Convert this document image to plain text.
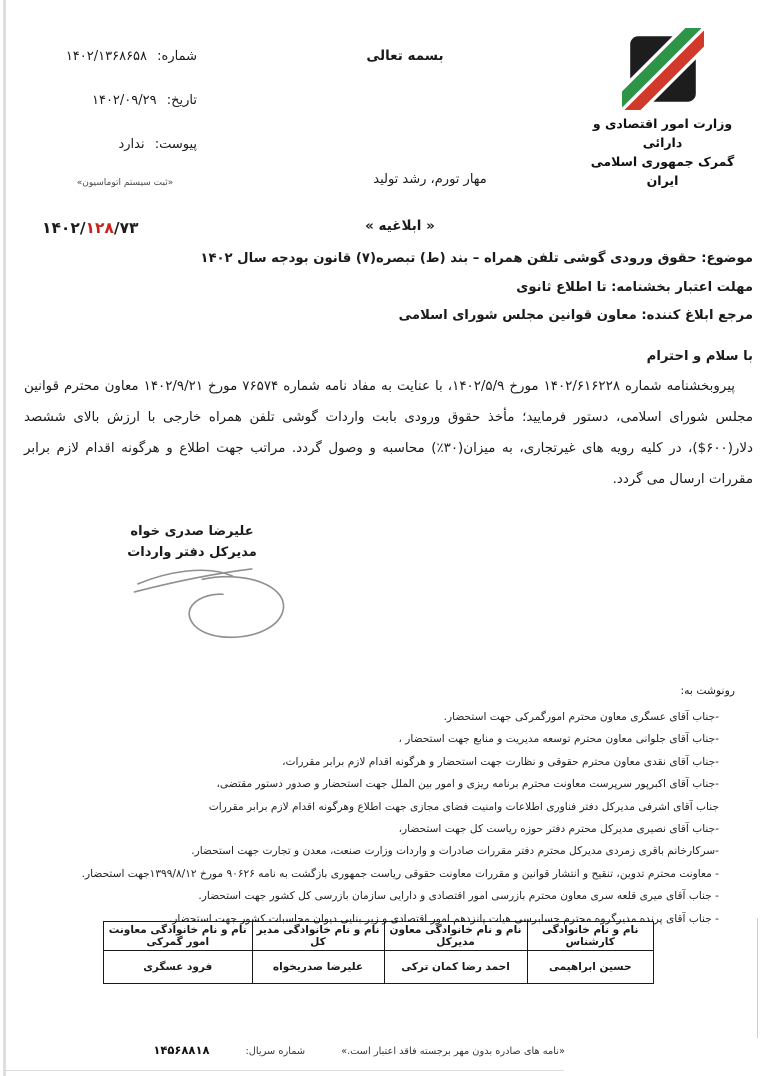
وزارت امور اقتصادی و دارائی
گمرک جمهوری اسلامی ایران
بسمه تعالی
مهار تورم، رشد تولید
شماره: ۱۴۰۲/۱۳۶۸۶۵۸
تاریخ: ۱۴۰۲/۰۹/۲۹
پیوست: ندارد
«ثبت سیستم اتوماسیون»
۱۴۰۲/۱۲۸/۷۳	« ابلاغیه »
موضوع: حقوق ورودی گوشی تلفن همراه – بند (ط) تبصره(۷) قانون بودجه سال ۱۴۰۲
مهلت اعتبار بخشنامه: تا اطلاع ثانوی
مرجع ابلاغ کننده: معاون قوانین مجلس شورای اسلامی
با سلام و احترام
پیروبخشنامه شماره ۱۴۰۲/۶۱۶۲۲۸ مورخ ۱۴۰۲/۵/۹، با عنایت به مفاد نامه شماره ۷۶۵۷۴ مورخ ۱۴۰۲/۹/۲۱ معاون محترم قوانین مجلس شورای اسلامی، دستور فرمایید؛ مأخذ حقوق ورودی بابت واردات گوشی تلفن همراه خارجی با ارزش بالای ششصد دلار(۶۰۰$)، در کلیه رویه های غیرتجاری، به میزان(۳۰٪) محاسبه و وصول گردد. مراتب جهت اطلاع و هرگونه اقدام لازم برابر مقررات ارسال می گردد.
علیرضا صدری خواه
مدیرکل دفتر واردات
رونوشت به:
-جناب آقای عسگری معاون محترم امورگمرکی جهت استحضار.
-جناب آقای جلوانی معاون محترم توسعه مدیریت و منابع جهت استحضار ،
-جناب آقای نقدی معاون محترم حقوقی و نظارت جهت استحضار و هرگونه اقدام لازم برابر مقررات،
-جناب آقای اکبرپور سرپرست معاونت محترم برنامه ریزی و امور بین الملل جهت استحضار و صدور دستور مقتضی،
جناب آقای اشرفی مدیرکل دفتر فناوری اطلاعات وامنیت فضای مجازی جهت اطلاع وهرگونه اقدام لازم برابر مقررات
-جناب آقای نصیری مدیرکل محترم دفتر حوزه ریاست کل جهت استحضار،
-سرکارخانم باقری زمردی مدیرکل محترم دفتر مقررات صادرات و واردات وزارت صنعت، معدن و تجارت جهت استحضار.
- معاونت محترم تدوین، تنقیح و انتشار قوانین و مقررات معاونت حقوقی ریاست جمهوری بازگشت به نامه ۹۰۶۲۶ مورخ ۱۳۹۹/۸/۱۲جهت استحضار.
- جناب آقای میری قلعه سری معاون محترم بازرسی امور اقتصادی و دارایی سازمان بازرسی کل کشور جهت استحضار.
- جناب آقای پرنده مدیرگروه محترم حسابرسی هیات پانزدهم امور اقتصادی و زیر بنایی دیوان محاسبات کشور جهت استحضار.
نام و نام خانوادگی کارشناس	نام و نام خانوادگی معاون مدیرکل	نام و نام خانوادگی مدیر کل	نام و نام خانوادگی معاونت امور گمرکی
حسین ابراهیمی	احمد رضا کمان ترکی	علیرضا صدریخواه	فرود عسگری
«نامه های صادره بدون مهر برجسته فاقد اعتبار است.»
شماره سریال:
۱۴۵۶۸۸۱۸
